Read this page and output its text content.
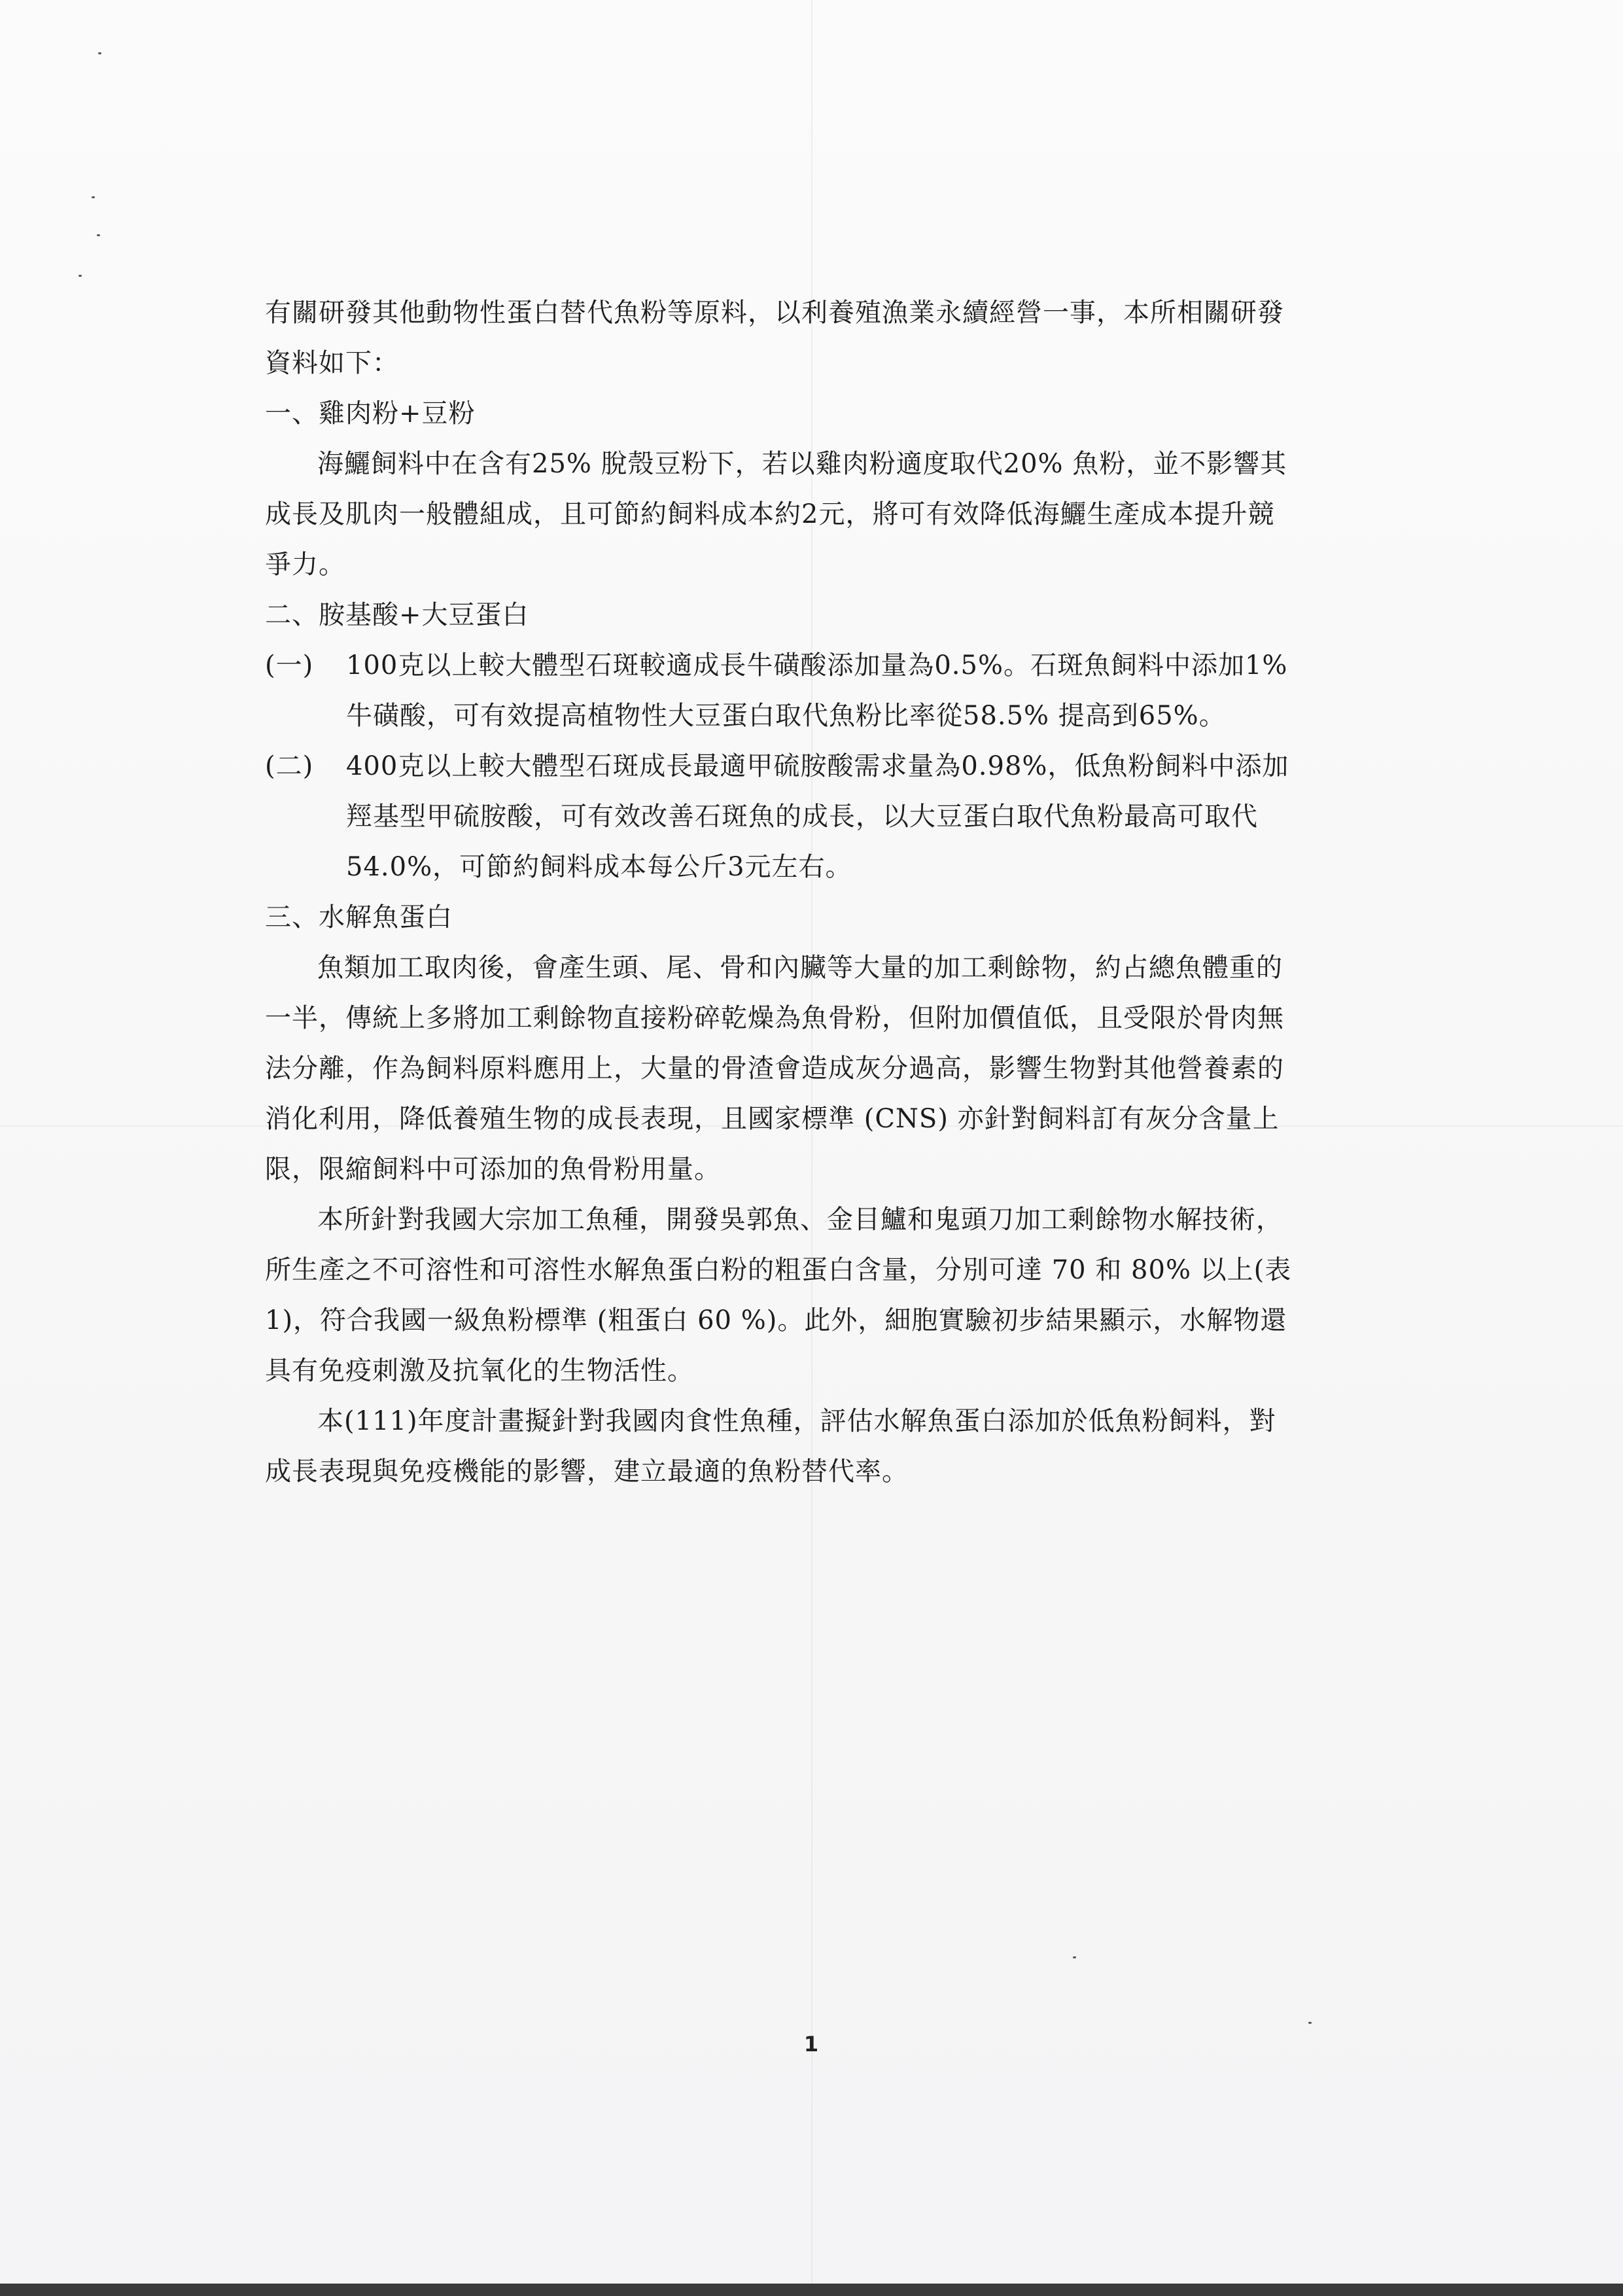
有關研發其他動物性蛋白替代魚粉等原料，以利養殖漁業永續經營一事，本所相關研發資料如下：

一、雞肉粉+豆粉

海鱺飼料中在含有25% 脫殼豆粉下，若以雞肉粉適度取代20% 魚粉，並不影響其成長及肌肉一般體組成，且可節約飼料成本約2元，將可有效降低海鱺生產成本提升競爭力。

二、胺基酸+大豆蛋白

(一) 100克以上較大體型石斑較適成長牛磺酸添加量為0.5%。石斑魚飼料中添加1%牛磺酸，可有效提高植物性大豆蛋白取代魚粉比率從58.5% 提高到65%。

(二) 400克以上較大體型石斑成長最適甲硫胺酸需求量為0.98%，低魚粉飼料中添加羥基型甲硫胺酸，可有效改善石斑魚的成長，以大豆蛋白取代魚粉最高可取代54.0%，可節約飼料成本每公斤3元左右。

三、水解魚蛋白

魚類加工取肉後，會產生頭、尾、骨和內臟等大量的加工剩餘物，約占總魚體重的一半，傳統上多將加工剩餘物直接粉碎乾燥為魚骨粉，但附加價值低，且受限於骨肉無法分離，作為飼料原料應用上，大量的骨渣會造成灰分過高，影響生物對其他營養素的消化利用，降低養殖生物的成長表現，且國家標準 (CNS) 亦針對飼料訂有灰分含量上限，限縮飼料中可添加的魚骨粉用量。

本所針對我國大宗加工魚種，開發吳郭魚、金目鱸和鬼頭刀加工剩餘物水解技術，所生產之不可溶性和可溶性水解魚蛋白粉的粗蛋白含量，分別可達 70 和 80% 以上(表1)，符合我國一級魚粉標準 (粗蛋白 60 %)。此外，細胞實驗初步結果顯示，水解物還具有免疫刺激及抗氧化的生物活性。

本(111)年度計畫擬針對我國肉食性魚種，評估水解魚蛋白添加於低魚粉飼料，對成長表現與免疫機能的影響，建立最適的魚粉替代率。

1
